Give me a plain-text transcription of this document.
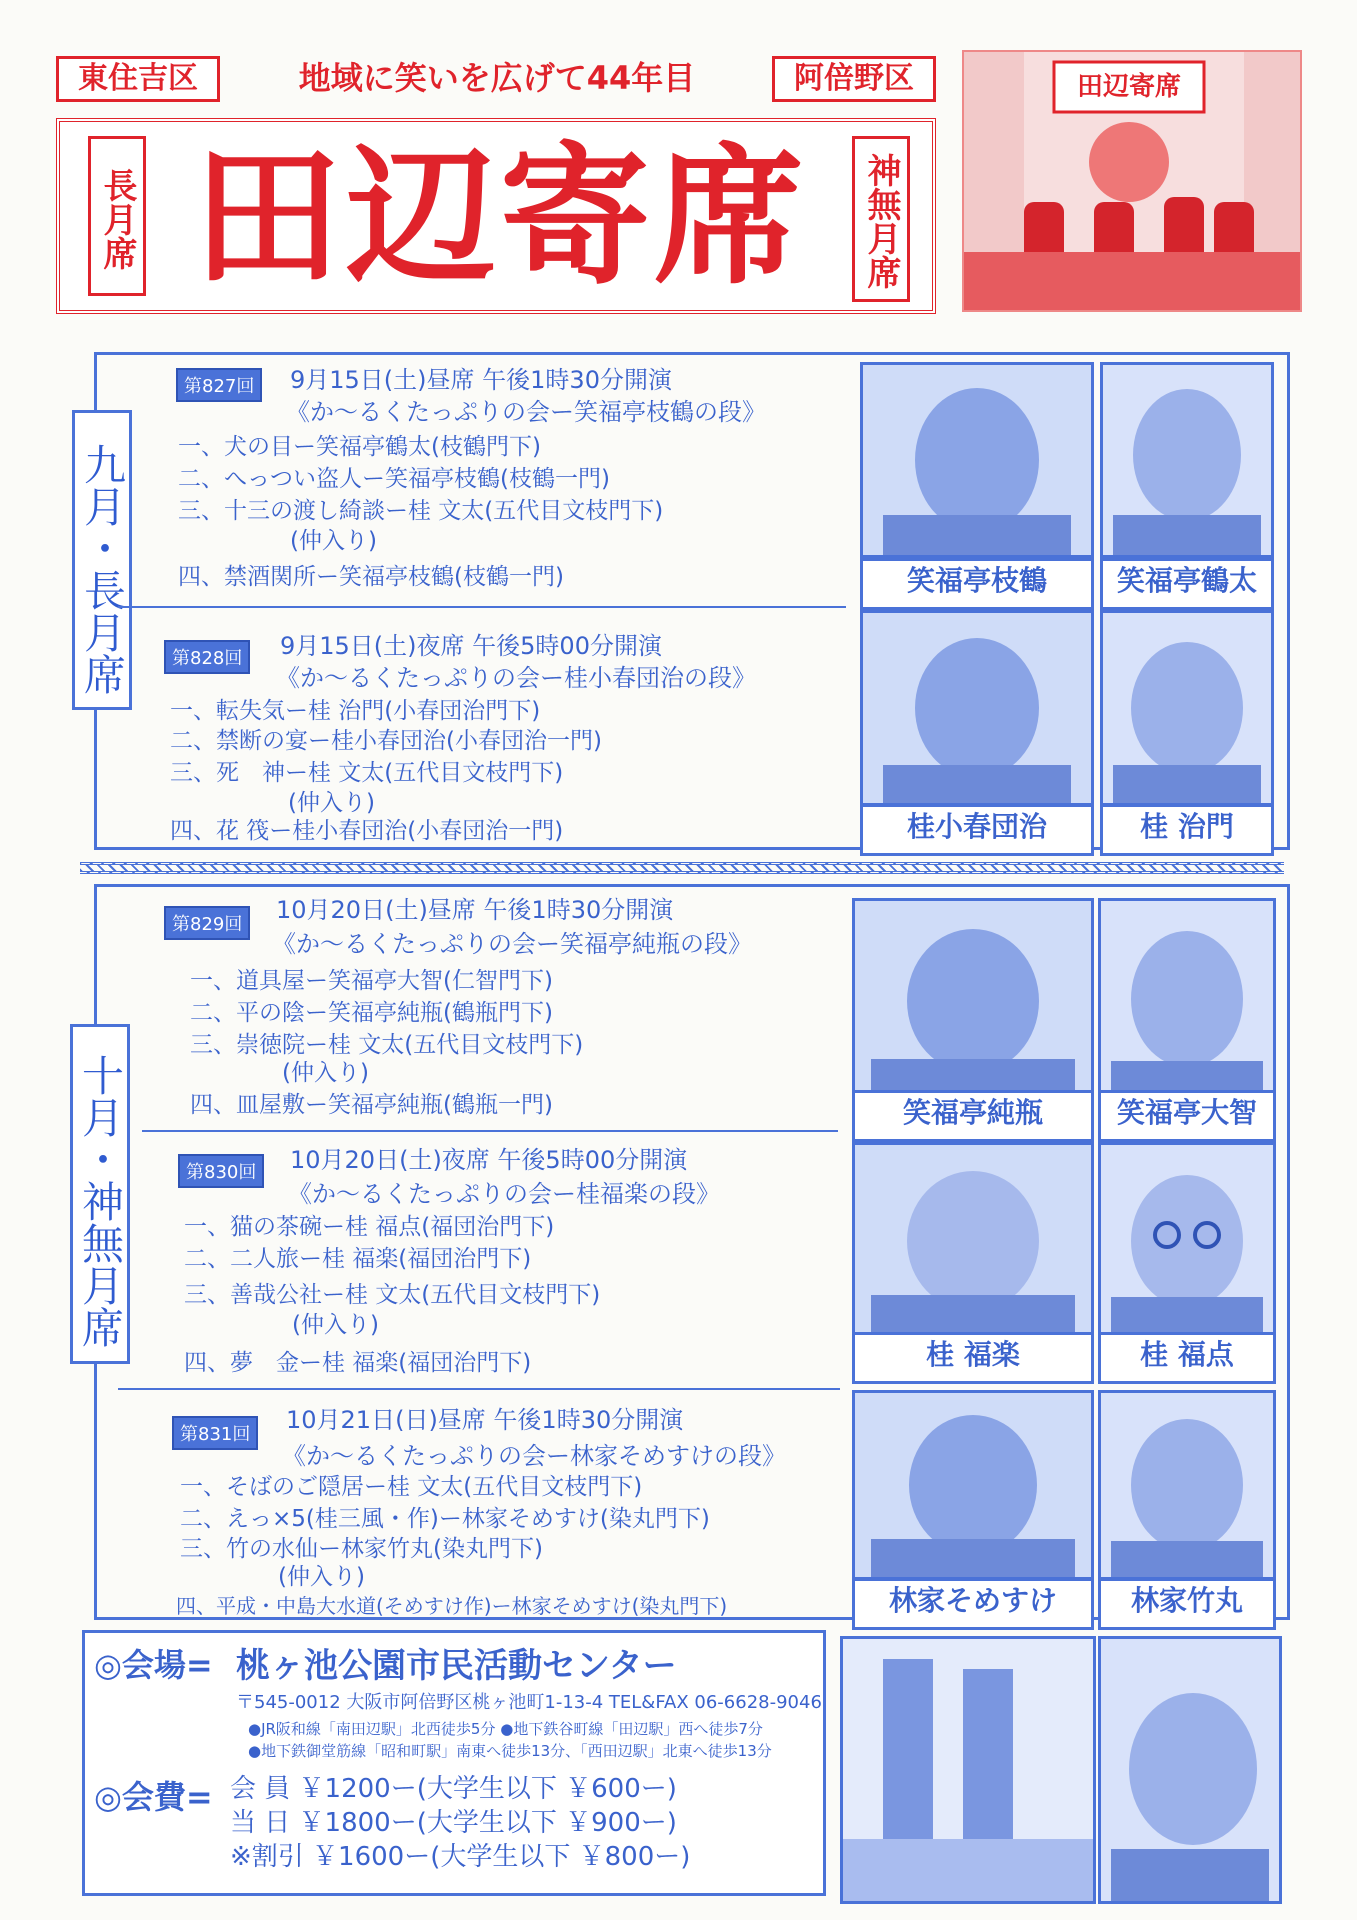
東住吉区	地域に笑いを広げて44年目	阿倍野区
長月席 田辺寄席	神無月席
田辺寄席
九月・長月席
第827回	9月15日(土)昼席 午後1時30分開演
《か～るくたっぷりの会ー笑福亭枝鶴の段》
一、犬の目ー笑福亭鶴太(枝鶴門下)
二、へっつい盗人ー笑福亭枝鶴(枝鶴一門)
三、十三の渡し綺談ー桂 文太(五代目文枝門下)
(仲入り)
四、禁酒関所ー笑福亭枝鶴(枝鶴一門)
第828回	9月15日(土)夜席 午後5時00分開演
《か～るくたっぷりの会ー桂小春団治の段》
一、転失気ー桂 治門(小春団治門下)
二、禁断の宴ー桂小春団治(小春団治一門)
三、死　神ー桂 文太(五代目文枝門下)
(仲入り)
四、花 筏ー桂小春団治(小春団治一門)
笑福亭枝鶴	笑福亭鶴太
桂小春団治	桂 治門
十月・神無月席
第829回
10月20日(土)昼席 午後1時30分開演
《か～るくたっぷりの会ー笑福亭純瓶の段》
一、道具屋ー笑福亭大智(仁智門下)
二、平の陰ー笑福亭純瓶(鶴瓶門下)
三、崇徳院ー桂 文太(五代目文枝門下)
(仲入り)
四、皿屋敷ー笑福亭純瓶(鶴瓶一門)
第830回	10月20日(土)夜席 午後5時00分開演
《か～るくたっぷりの会ー桂福楽の段》
一、猫の茶碗ー桂 福点(福団治門下)
二、二人旅ー桂 福楽(福団治門下)
三、善哉公社ー桂 文太(五代目文枝門下)
(仲入り)
四、夢　金ー桂 福楽(福団治門下)
第831回
10月21日(日)昼席 午後1時30分開演
《か～るくたっぷりの会ー林家そめすけの段》
一、そばのご隠居ー桂 文太(五代目文枝門下)
二、えっ×5(桂三風・作)ー林家そめすけ(染丸門下)
三、竹の水仙ー林家竹丸(染丸門下)
(仲入り)
四、平成・中島大水道(そめすけ作)ー林家そめすけ(染丸門下)
笑福亭純瓶	笑福亭大智
桂 福楽	桂 福点
林家そめすけ	林家竹丸
◎会場= 桃ヶ池公園市民活動センター
〒545-0012 大阪市阿倍野区桃ヶ池町1-13-4 TEL&FAX 06-6628-9046
●JR阪和線「南田辺駅」北西徒歩5分 ●地下鉄谷町線「田辺駅」西へ徒歩7分
●地下鉄御堂筋線「昭和町駅」南東へ徒歩13分、「西田辺駅」北東へ徒歩13分
◎会費= 会 員 ￥1200ー(大学生以下 ￥600ー)
当 日 ￥1800ー(大学生以下 ￥900ー)
※割引 ￥1600ー(大学生以下 ￥800ー)
